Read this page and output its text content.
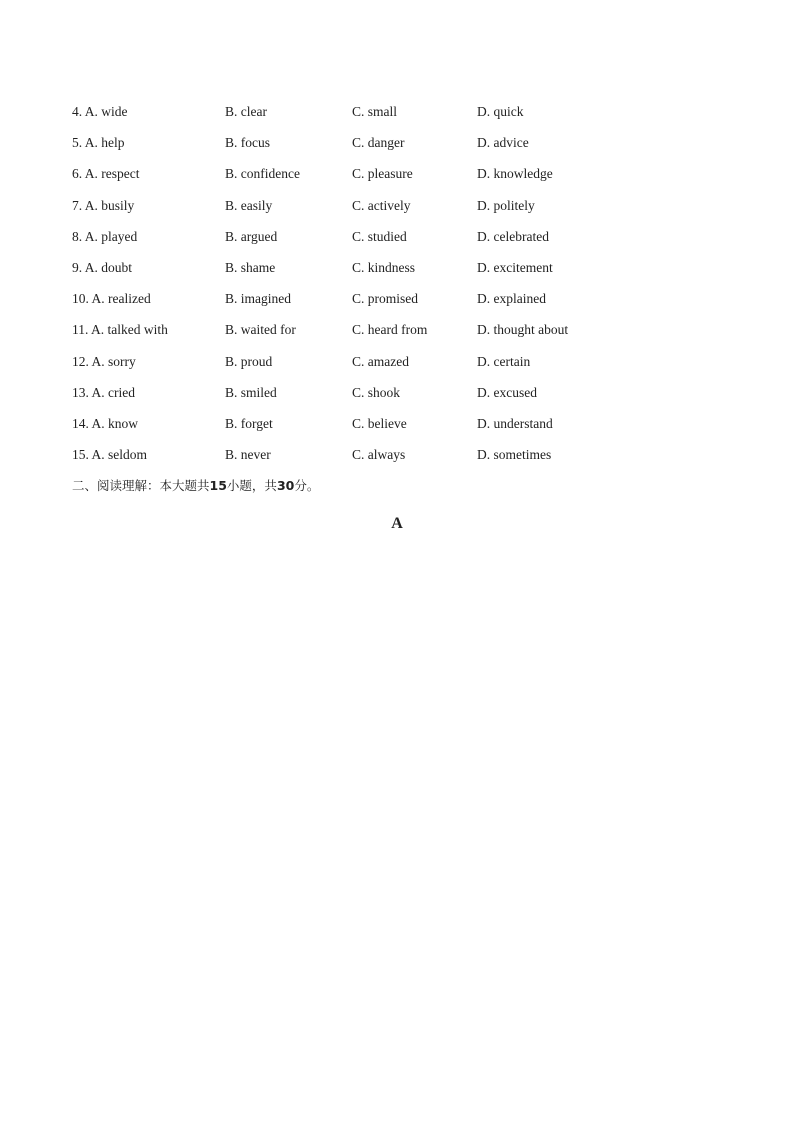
4. A. wide	B. clear	C. small	D. quick
5. A. help	B. focus	C. danger	D. advice
6. A. respect	B. confidence	C. pleasure	D. knowledge
7. A. busily	B. easily	C. actively	D. politely
8. A. played	B. argued	C. studied	D. celebrated
9. A. doubt	B. shame	C. kindness	D. excitement
10. A. realized	B. imagined	C. promised	D. explained
11. A. talked with	B. waited for	C. heard from	D. thought about
12. A. sorry	B. proud	C. amazed	D. certain
13. A. cried	B. smiled	C. shook	D. excused
14. A. know	B. forget	C. believe	D. understand
15. A. seldom	B. never	C. always	D. sometimes
二、阅读理解：本大题共15小题，共30分。
A
